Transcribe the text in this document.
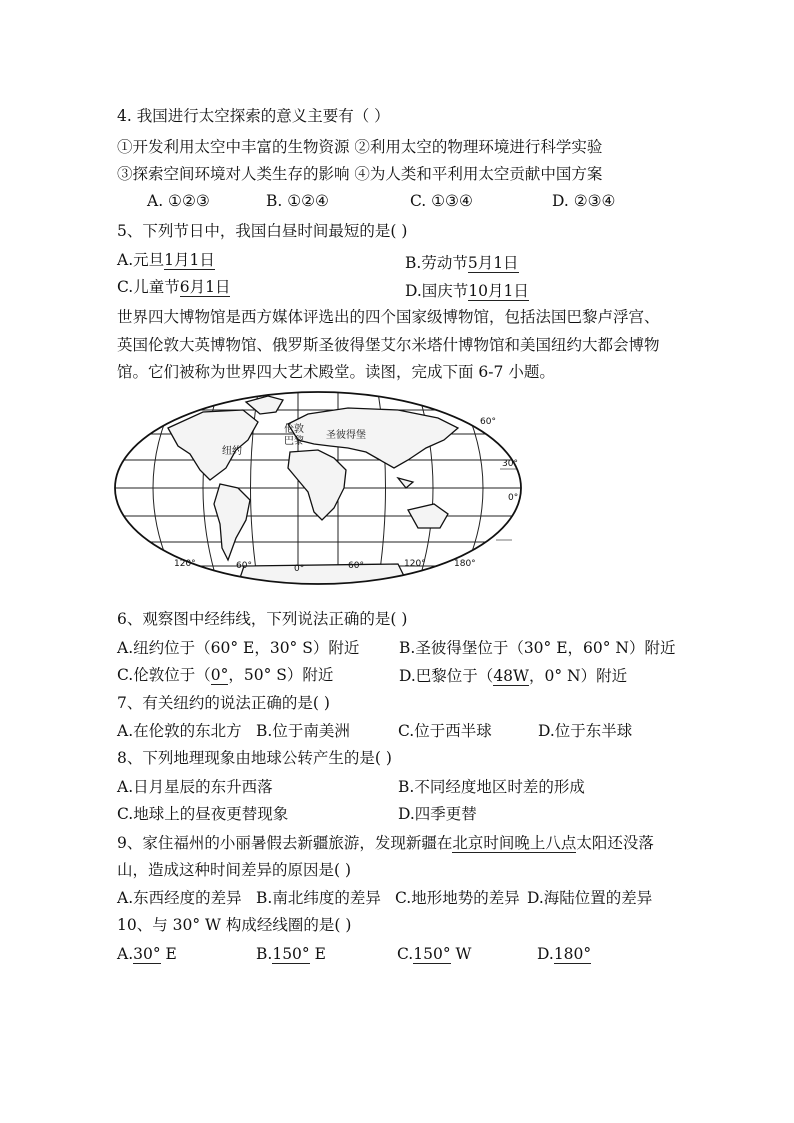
4. 我国进行太空探索的意义主要有（ ）
①开发利用太空中丰富的生物资源 ②利用太空的物理环境进行科学实验
③探索空间环境对人类生存的影响 ④为人类和平利用太空贡献中国方案
A. ①②③	B. ①②④	C. ①③④	D. ②③④
5、下列节日中，我国白昼时间最短的是( )
A.元旦1月1日	B.劳动节5月1日
C.儿童节6月1日	D.国庆节10月1日
世界四大博物馆是西方媒体评选出的四个国家级博物馆，包括法国巴黎卢浮宫、
英国伦敦大英博物馆、俄罗斯圣彼得堡艾尔米塔什博物馆和美国纽约大都会博物
馆。它们被称为世界四大艺术殿堂。读图，完成下面 6-7 小题。
圣彼得堡
伦敦
巴黎
纽约
60°
30°
0°
120°	60°	0°	60°	120°	180°
6、观察图中经纬线，下列说法正确的是( )
A.纽约位于（60° E，30° S）附近	B.圣彼得堡位于（30° E，60° N）附近
C.伦敦位于（0°，50° S）附近	D.巴黎位于（48W，0° N）附近
7、有关纽约的说法正确的是( )
A.在伦敦的东北方 B.位于南美洲	C.位于西半球	D.位于东半球
8、下列地理现象由地球公转产生的是( )
A.日月星辰的东升西落	B.不同经度地区时差的形成
C.地球上的昼夜更替现象	D.四季更替
9、家住福州的小丽暑假去新疆旅游，发现新疆在北京时间晚上八点太阳还没落
山，造成这种时间差异的原因是( )
A.东西经度的差异 B.南北纬度的差异 C.地形地势的差异 D.海陆位置的差异
10、与 30° W 构成经线圈的是( )
A.30° E	B.150° E	C.150° W	D.180°
